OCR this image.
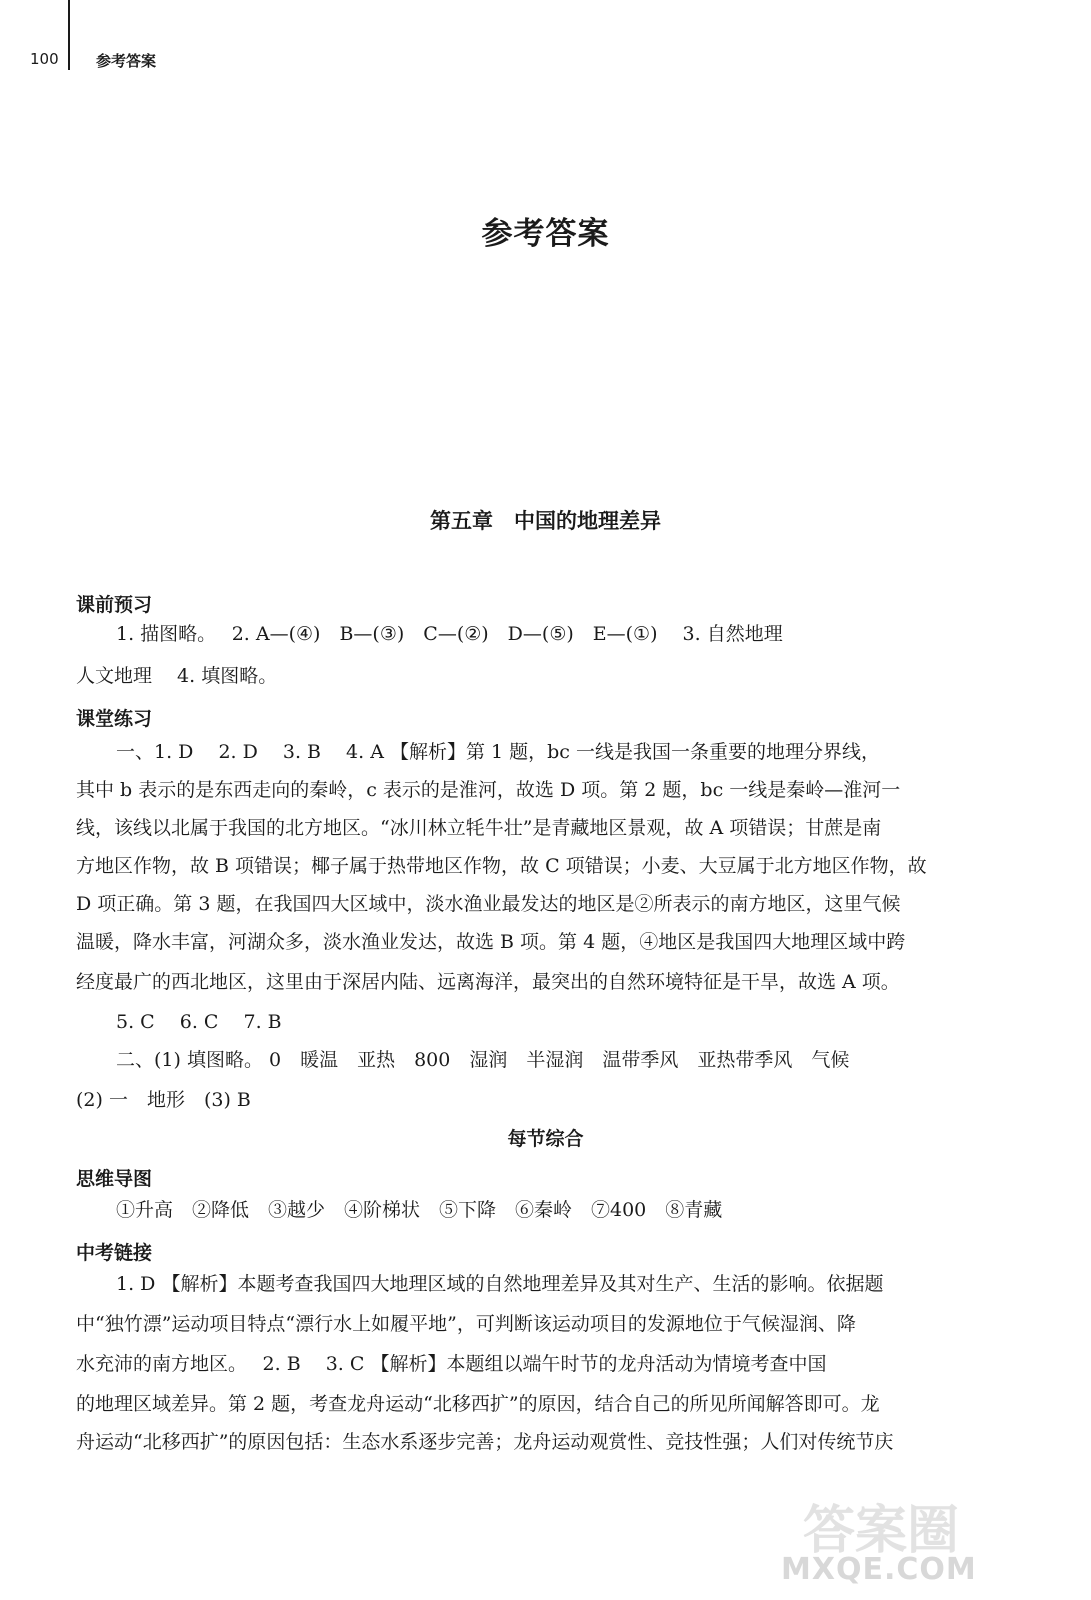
100 参考答案
参考答案
第五章　中国的地理差异
课前预习
1. 描图略。　 2. A—(④)　B—(③)　C—(②)　D—(⑤)　E—(①)　 3. 自然地理
人文地理　 4. 填图略。
课堂练习
一、1. D　 2. D　 3. B　 4. A 【解析】第 1 题，bc 一线是我国一条重要的地理分界线，
其中 b 表示的是东西走向的秦岭，c 表示的是淮河，故选 D 项。第 2 题，bc 一线是秦岭—淮河一
线，该线以北属于我国的北方地区。“冰川林立牦牛壮”是青藏地区景观，故 A 项错误；甘蔗是南
方地区作物，故 B 项错误；椰子属于热带地区作物，故 C 项错误；小麦、大豆属于北方地区作物，故
D 项正确。第 3 题，在我国四大区域中，淡水渔业最发达的地区是②所表示的南方地区，这里气候
温暖，降水丰富，河湖众多，淡水渔业发达，故选 B 项。第 4 题，④地区是我国四大地理区域中跨
经度最广的西北地区，这里由于深居内陆、远离海洋，最突出的自然环境特征是干旱，故选 A 项。
5. C　 6. C　 7. B
二、(1) 填图略。 0　暖温　亚热　800　湿润　半湿润　温带季风　亚热带季风　气候
(2) 一　地形　(3) B
每节综合
思维导图
①升高　②降低　③越少　④阶梯状　⑤下降　⑥秦岭　⑦400　⑧青藏
中考链接
1. D 【解析】本题考查我国四大地理区域的自然地理差异及其对生产、生活的影响。依据题
中“独竹漂”运动项目特点“漂行水上如履平地”，可判断该运动项目的发源地位于气候湿润、降
水充沛的南方地区。　 2. B　 3. C 【解析】本题组以端午时节的龙舟活动为情境考查中国
的地理区域差异。第 2 题，考查龙舟运动“北移西扩”的原因，结合自己的所见所闻解答即可。龙
舟运动“北移西扩”的原因包括：生态水系逐步完善；龙舟运动观赏性、竞技性强；人们对传统节庆
答案圈
MXQE.COM
